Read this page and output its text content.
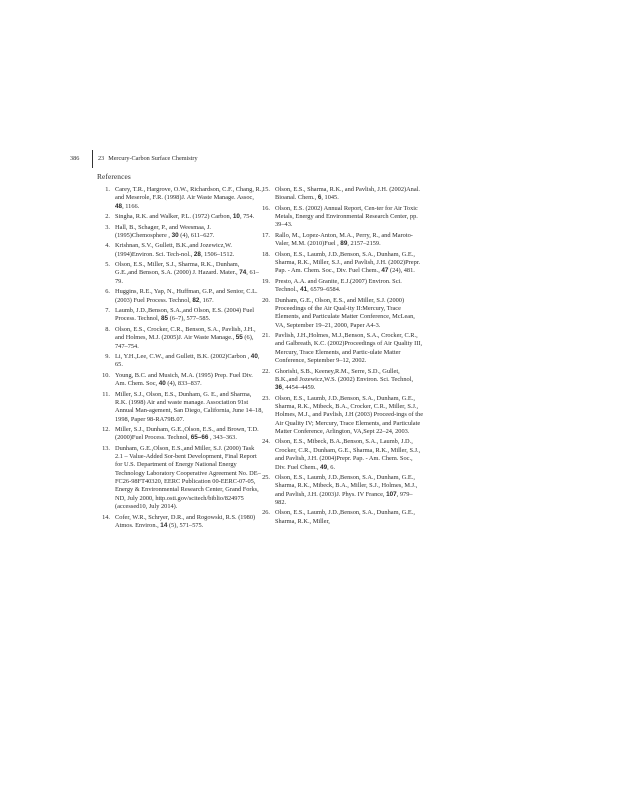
386	23 Mercury-Carbon Surface Chemistry
References
1. Carey, T.R., Hargrove, O.W., Richardson, C.F., Chang, R., and Meserole, F.R. (1998)J. Air Waste Manage. Assoc, 48, 1166.
2. Singha, R.K. and Walker, P.L. (1972) Carbon, 10, 754.
3. Hall, B., Schager, P., and Weesmaa, J. (1995)Chemosphere , 30 (4), 611–627.
4. Krishnan, S.V., Gullett, B.K.,and Jozewicz,W. (1994)Environ. Sci. Tech-nol., 28, 1506–1512.
5. Olson, E.S., Miller, S.J., Sharma, R.K., Dunham, G.E.,and Benson, S.A. (2000) J. Hazard. Mater., 74, 61–79.
6. Huggins, R.E., Yap, N., Huffman, G.P., and Senior, C.L. (2003) Fuel Process. Technol, 82, 167.
7. Laumb, J.D.,Benson, S.A.,and Olson, E.S. (2004) Fuel Process. Technol, 85 (6–7), 577–585.
8. Olson, E.S., Crocker, C.R., Benson, S.A., Pavlish, J.H., and Holmes, M.J. (2005)J. Air Waste Manage., 55 (6), 747–754.
9. Li, Y.H.,Lee, C.W., and Gullett, B.K. (2002)Carbon , 40, 65.
10. Young, B.C. and Musich, M.A. (1995) Prep. Fuel Div. Am. Chem. Soc, 40 (4), 833–837.
11. Miller, S.J., Olson, E.S., Dunham, G. E., and Sharma, R.K. (1998) Air and waste manage. Association 91st Annual Man-agement, San Diego, California, June 14–18, 1998, Paper 98-RA79B.07.
12. Miller, S.J., Dunham, G.E.,Olson, E.S., and Brown, T.D. (2000)Fuel Process. Technol, 65–66 , 343–363.
13. Dunham, G.E.,Olson, E.S.,and Miller, S.J. (2000) Task 2.1 – Value-Added Sor-bent Development, Final Report for U.S. Department of Energy National Energy Technology Laboratory Cooperative Agreement No. DE–FC26-98FT40320, EERC Publication 00-EERC-07-05, Energy & Environmental Research Center, Grand Forks, ND, July 2000, http.osti.gov/scitech/biblio/824975 (accessed10, July 2014).
14. Cofer, W.R., Schryer, D.R., and Rogowski, R.S. (1980) Atmos. Environ., 14 (5), 571–575.
15. Olson, E.S., Sharma, R.K., and Pavlish, J.H. (2002)Anal. Bioanal. Chem., 6, 1045.
16. Olson, E.S. (2002) Annual Report, Cen-ter for Air Toxic Metals, Energy and Environmental Research Center, pp. 39–43.
17. Rallo, M., Lopez-Anton, M.A., Perry, R., and Maroto-Valer, M.M. (2010)Fuel , 89, 2157–2159.
18. Olson, E.S., Laumb, J.D.,Benson, S.A., Dunham, G.E., Sharma, R.K., Miller, S.J., and Pavlish, J.H. (2002)Prepr. Pap. - Am. Chem. Soc., Div. Fuel Chem., 47 (24), 481.
19. Presto, A.A. and Granite, E.J.(2007) Environ. Sci. Technol., 41, 6579–6584.
20. Dunham, G.E., Olson, E.S., and Miller, S.J. (2000) Proceedings of the Air Qual-ity II:Mercury, Trace Elements, and Particulate Matter Conference, McLean, VA, September 19–21, 2000, Paper A4-3.
21. Pavlish, J.H.,Holmes, M.J.,Benson, S.A., Crocker, C.R., and Galbreath, K.C. (2002)Proceedings of Air Quality III, Mercury, Trace Elements, and Partic-ulate Matter Conference, September 9–12, 2002.
22. Ghorishi, S.B., Keeney,R.M., Serre, S.D., Gullet, B.K.,and Jozewicz,W.S. (2002) Environ. Sci. Technol, 36, 4454–4459.
23. Olson, E.S., Laumb, J.D.,Benson, S.A., Dunham, G.E., Sharma, R.K., Mibeck, B.A., Crocker, C.R., Miller, S.J., Holmes, M.J., and Pavlish, J.H (2003) Proceed-ings of the Air Quality IV; Mercury, Trace Elements, and Particulate Matter Conference, Arlington, VA,Sept 22–24, 2003.
24. Olson, E.S., Mibeck, B.A.,Benson, S.A., Laumb, J.D., Crocker, C.R., Dunham, G.E., Sharma, R.K., Miller, S.J., and Pavlish, J.H. (2004)Prepr. Pap. - Am. Chem. Soc., Div. Fuel Chem., 49, 6.
25. Olson, E.S., Laumb, J.D.,Benson, S.A., Dunham, G.E., Sharma, R.K., Mibeck, B.A., Miller, S.J., Holmes, M.J., and Pavlish, J.H. (2003)J. Phys. IV France, 107, 979–982.
26. Olson, E.S., Laumb, J.D.,Benson, S.A., Dunham, G.E., Sharma, R.K., Miller,
